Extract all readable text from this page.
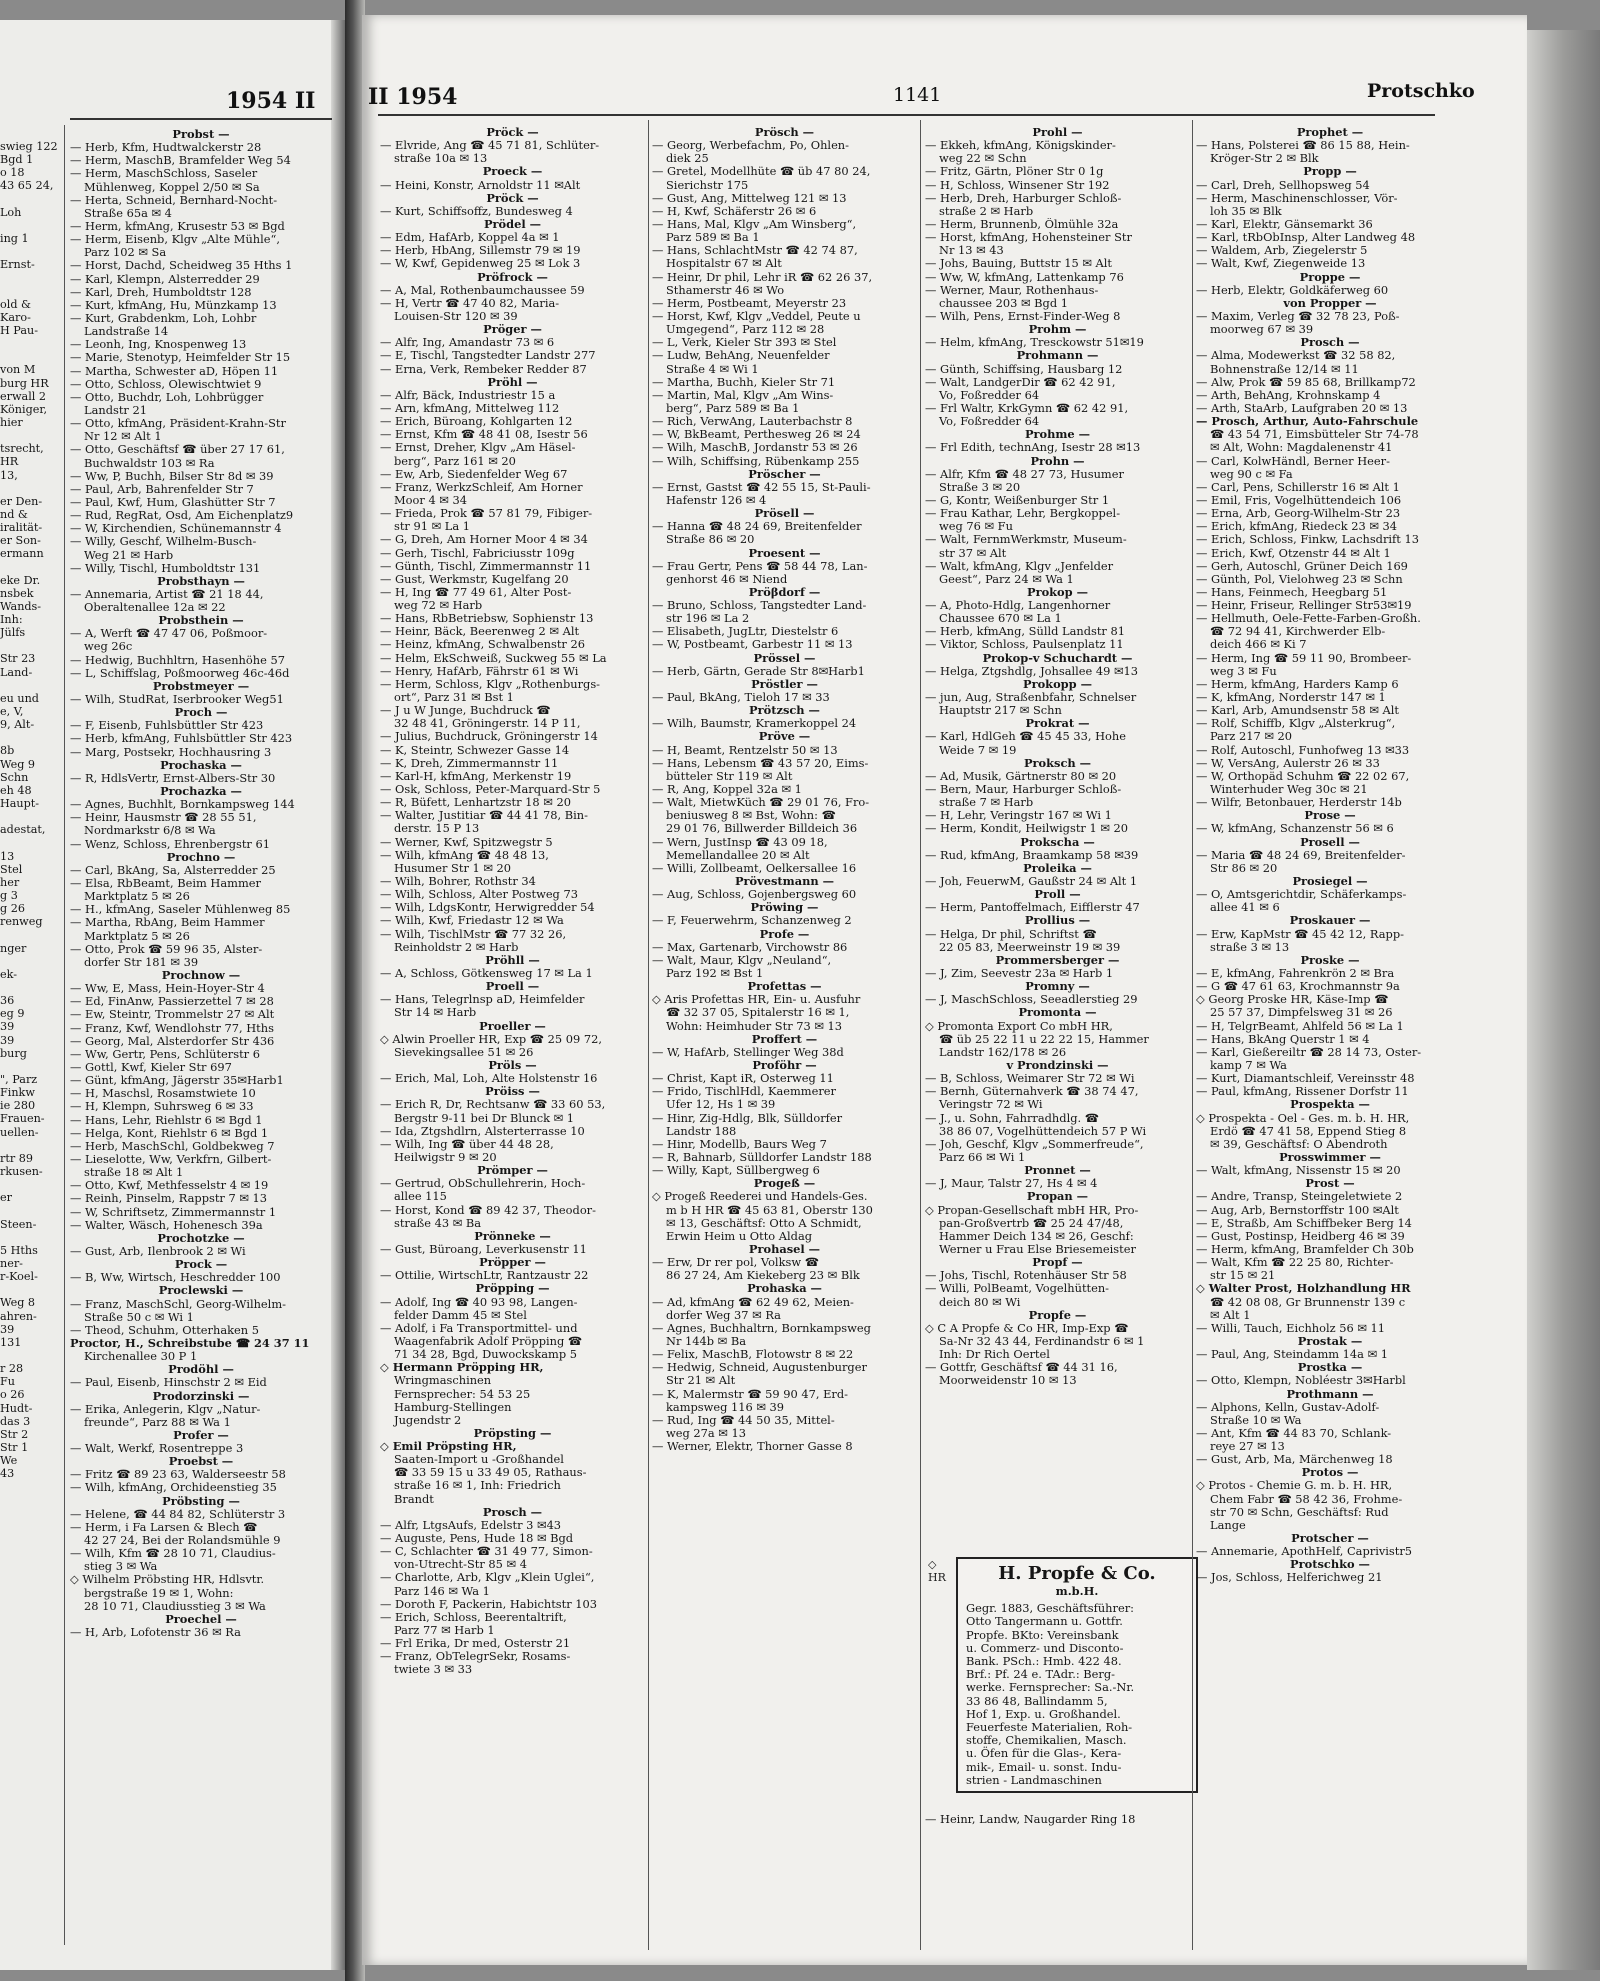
1954 II
swieg 122
Bgd 1
o 18
43 65 24,
Loh
ing 1
Ernst-
old &
Karo-
H Pau-
von M
burg HR
erwall 2
Königer,
hier
tsrecht,
HR
13,
er Den-
nd &
iralität-
er Son-
ermann
eke Dr.
nsbek
Wands-
Inh:
Jülfs
Str 23
Land-
eu und
e, V,
9, Alt-
8b
Weg 9
Schn
eh 48
Haupt-
adestat,
13
Stel
her
g 3
g 26
renweg
nger
ek-
36
eg 9
39
39
burg
", Parz
Finkw
ie 280
Frauen-
uellen-
rtr 89
rkusen-
er
Steen-
5 Hths
ner-
r-Koel-
Weg 8
ahren-
39
131
r 28
Fu
o 26
Hudt-
das 3
Str 2
Str 1
We
43
Probst —
— Herb, Kfm, Hudtwalckerstr 28
— Herm, MaschB, Bramfelder Weg 54
— Herm, MaschSchloss, Saseler
Mühlenweg, Koppel 2/50 ✉ Sa
— Herta, Schneid, Bernhard-Nocht-
Straße 65a ✉ 4
— Herm, kfmAng, Krusestr 53 ✉ Bgd
— Herm, Eisenb, Klgv „Alte Mühle“,
Parz 102 ✉ Sa
— Horst, Dachd, Scheidweg 35 Hths 1
— Karl, Klempn, Alsterredder 29
— Karl, Dreh, Humboldtstr 128
— Kurt, kfmAng, Hu, Münzkamp 13
— Kurt, Grabdenkm, Loh, Lohbr
Landstraße 14
— Leonh, Ing, Knospenweg 13
— Marie, Stenotyp, Heimfelder Str 15
— Martha, Schwester aD, Höpen 11
— Otto, Schloss, Olewischtwiet 9
— Otto, Buchdr, Loh, Lohbrügger
Landstr 21
— Otto, kfmAng, Präsident-Krahn-Str
Nr 12 ✉ Alt 1
— Otto, Geschäftsf ☎ über 27 17 61,
Buchwaldstr 103 ✉ Ra
— Ww, P, Buchh, Bilser Str 8d ✉ 39
— Paul, Arb, Bahrenfelder Str 7
— Paul, Kwf, Hum, Glashütter Str 7
— Rud, RegRat, Osd, Am Eichenplatz9
— W, Kirchendien, Schünemannstr 4
— Willy, Geschf, Wilhelm-Busch-
Weg 21 ✉ Harb
— Willy, Tischl, Humboldtstr 131
Probsthayn —
— Annemaria, Artist ☎ 21 18 44,
Oberaltenallee 12a ✉ 22
Probsthein —
— A, Werft ☎ 47 47 06, Poßmoor-
weg 26c
— Hedwig, Buchhltrn, Hasenhöhe 57
— L, Schiffslag, Poßmoorweg 46c-46d
Probstmeyer —
— Wilh, StudRat, Iserbrooker Weg51
Proch —
— F, Eisenb, Fuhlsbüttler Str 423
— Herb, kfmAng, Fuhlsbüttler Str 423
— Marg, Postsekr, Hochhausring 3
Prochaska —
— R, HdlsVertr, Ernst-Albers-Str 30
Prochazka —
— Agnes, Buchhlt, Bornkampsweg 144
— Heinr, Hausmstr ☎ 28 55 51,
Nordmarkstr 6/8 ✉ Wa
— Wenz, Schloss, Ehrenbergstr 61
Prochno —
— Carl, BkAng, Sa, Alsterredder 25
— Elsa, RbBeamt, Beim Hammer
Marktplatz 5 ✉ 26
— H., kfmAng, Saseler Mühlenweg 85
— Martha, RbAng, Beim Hammer
Marktplatz 5 ✉ 26
— Otto, Prok ☎ 59 96 35, Alster-
dorfer Str 181 ✉ 39
Prochnow —
— Ww, E, Mass, Hein-Hoyer-Str 4
— Ed, FinAnw, Passierzettel 7 ✉ 28
— Ew, Steintr, Trommelstr 27 ✉ Alt
— Franz, Kwf, Wendlohstr 77, Hths
— Georg, Mal, Alsterdorfer Str 436
— Ww, Gertr, Pens, Schlüterstr 6
— Gottl, Kwf, Kieler Str 697
— Günt, kfmAng, Jägerstr 35✉Harb1
— H, Maschsl, Rosamstwiete 10
— H, Klempn, Suhrsweg 6 ✉ 33
— Hans, Lehr, Riehlstr 6 ✉ Bgd 1
— Helga, Kont, Riehlstr 6 ✉ Bgd 1
— Herb, MaschSchl, Goldbekweg 7
— Lieselotte, Ww, Verkfrn, Gilbert-
straße 18 ✉ Alt 1
— Otto, Kwf, Methfesselstr 4 ✉ 19
— Reinh, Pinselm, Rappstr 7 ✉ 13
— W, Schriftsetz, Zimmermannstr 1
— Walter, Wäsch, Hohenesch 39a
Prochotzke —
— Gust, Arb, Ilenbrook 2 ✉ Wi
Prock —
— B, Ww, Wirtsch, Heschredder 100
Proclewski —
— Franz, MaschSchl, Georg-Wilhelm-
Straße 50 c ✉ Wi 1
— Theod, Schuhm, Otterhaken 5
Proctor, H., Schreibstube ☎ 24 37 11
Kirchenallee 30 P 1
Prodöhl —
— Paul, Eisenb, Hinschstr 2 ✉ Eid
Prodorzinski —
— Erika, Anlegerin, Klgv „Natur-
freunde“, Parz 88 ✉ Wa 1
Profer —
— Walt, Werkf, Rosentreppe 3
Proebst —
— Fritz ☎ 89 23 63, Walderseestr 58
— Wilh, kfmAng, Orchideenstieg 35
Pröbsting —
— Helene, ☎ 44 84 82, Schlüterstr 3
— Herm, i Fa Larsen & Blech ☎
42 27 24, Bei der Rolandsmühle 9
— Wilh, Kfm ☎ 28 10 71, Claudius-
stieg 3 ✉ Wa
◇ Wilhelm Pröbsting HR, Hdlsvtr.
bergstraße 19 ✉ 1, Wohn:
28 10 71, Claudiusstieg 3 ✉ Wa
Proechel —
— H, Arb, Lofotenstr 36 ✉ Ra
II 1954	1141	Protschko
Pröck —
— Elvride, Ang ☎ 45 71 81, Schlüter-
straße 10a ✉ 13
Proeck —
— Heini, Konstr, Arnoldstr 11 ✉Alt
Pröck —
— Kurt, Schiffsoffz, Bundesweg 4
Prödel —
— Edm, HafArb, Koppel 4a ✉ 1
— Herb, HbAng, Sillemstr 79 ✉ 19
— W, Kwf, Gepidenweg 25 ✉ Lok 3
Pröfrock —
— A, Mal, Rothenbaumchaussee 59
— H, Vertr ☎ 47 40 82, Maria-
Louisen-Str 120 ✉ 39
Pröger —
— Alfr, Ing, Amandastr 73 ✉ 6
— E, Tischl, Tangstedter Landstr 277
— Erna, Verk, Rembeker Redder 87
Pröhl —
— Alfr, Bäck, Industriestr 15 a
— Arn, kfmAng, Mittelweg 112
— Erich, Büroang, Kohlgarten 12
— Ernst, Kfm ☎ 48 41 08, Isestr 56
— Ernst, Dreher, Klgv „Am Häsel-
berg“, Parz 161 ✉ 20
— Ew, Arb, Siedenfelder Weg 67
— Franz, WerkzSchleif, Am Horner
Moor 4 ✉ 34
— Frieda, Prok ☎ 57 81 79, Fibiger-
str 91 ✉ La 1
— G, Dreh, Am Horner Moor 4 ✉ 34
— Gerh, Tischl, Fabriciusstr 109g
— Günth, Tischl, Zimmermannstr 11
— Gust, Werkmstr, Kugelfang 20
— H, Ing ☎ 77 49 61, Alter Post-
weg 72 ✉ Harb
— Hans, RbBetriebsw, Sophienstr 13
— Heinr, Bäck, Beerenweg 2 ✉ Alt
— Heinz, kfmAng, Schwalbenstr 26
— Helm, EkSchweiß, Suckweg 55 ✉ La
— Henry, HafArb, Fährstr 61 ✉ Wi
— Herm, Schloss, Klgv „Rothenburgs-
ort“, Parz 31 ✉ Bst 1
— J u W Junge, Buchdruck ☎
32 48 41, Gröningerstr. 14 P 11,
— Julius, Buchdruck, Gröningerstr 14
— K, Steintr, Schwezer Gasse 14
— K, Dreh, Zimmermannstr 11
— Karl-H, kfmAng, Merkenstr 19
— Osk, Schloss, Peter-Marquard-Str 5
— R, Büfett, Lenhartzstr 18 ✉ 20
— Walter, Justitiar ☎ 44 41 78, Bin-
derstr. 15 P 13
— Werner, Kwf, Spitzwegstr 5
— Wilh, kfmAng ☎ 48 48 13,
Husumer Str 1 ✉ 20
— Wilh, Bohrer, Rothstr 34
— Wilh, Schloss, Alter Postweg 73
— Wilh, LdgsKontr, Herwigredder 54
— Wilh, Kwf, Friedastr 12 ✉ Wa
— Wilh, TischlMstr ☎ 77 32 26,
Reinholdstr 2 ✉ Harb
Pröhll —
— A, Schloss, Götkensweg 17 ✉ La 1
Proell —
— Hans, Telegrlnsp aD, Heimfelder
Str 14 ✉ Harb
Proeller —
◇ Alwin Proeller HR, Exp ☎ 25 09 72,
Sievekingsallee 51 ✉ 26
Pröls —
— Erich, Mal, Loh, Alte Holstenstr 16
Pröiss —
— Erich R, Dr, Rechtsanw ☎ 33 60 53,
Bergstr 9-11 bei Dr Blunck ✉ 1
— Ida, Ztgshdlrn, Alsterterrasse 10
— Wilh, Ing ☎ über 44 48 28,
Heilwigstr 9 ✉ 20
Prömper —
— Gertrud, ObSchullehrerin, Hoch-
allee 115
— Horst, Kond ☎ 89 42 37, Theodor-
straße 43 ✉ Ba
Prönneke —
— Gust, Büroang, Leverkusenstr 11
Pröpper —
— Ottilie, WirtschLtr, Rantzaustr 22
Pröpping —
— Adolf, Ing ☎ 40 93 98, Langen-
felder Damm 45 ✉ Stel
— Adolf, i Fa Transportmittel- und
Waagenfabrik Adolf Pröpping ☎
71 34 28, Bgd, Duwockskamp 5
◇ Hermann Pröpping HR,
Wringmaschinen
Fernsprecher: 54 53 25
Hamburg-Stellingen
Jugendstr 2
Pröpsting —
◇ Emil Pröpsting HR,
Saaten-Import u -Großhandel
☎ 33 59 15 u 33 49 05, Rathaus-
straße 16 ✉ 1, Inh: Friedrich
Brandt
Prosch —
— Alfr, LtgsAufs, Edelstr 3 ✉43
— Auguste, Pens, Hude 18 ✉ Bgd
— C, Schlachter ☎ 31 49 77, Simon-
von-Utrecht-Str 85 ✉ 4
— Charlotte, Arb, Klgv „Klein Uglei“,
Parz 146 ✉ Wa 1
— Doroth F, Packerin, Habichtstr 103
— Erich, Schloss, Beerentaltrift,
Parz 77 ✉ Harb 1
— Frl Erika, Dr med, Osterstr 21
— Franz, ObTelegrSekr, Rosams-
twiete 3 ✉ 33
Prösch —
— Georg, Werbefachm, Po, Ohlen-
diek 25
— Gretel, Modellhüte ☎ üb 47 80 24,
Sierichstr 175
— Gust, Ang, Mittelweg 121 ✉ 13
— H, Kwf, Schäferstr 26 ✉ 6
— Hans, Mal, Klgv „Am Winsberg“,
Parz 589 ✉ Ba 1
— Hans, SchlachtMstr ☎ 42 74 87,
Hospitalstr 67 ✉ Alt
— Heinr, Dr phil, Lehr iR ☎ 62 26 37,
Sthamerstr 46 ✉ Wo
— Herm, Postbeamt, Meyerstr 23
— Horst, Kwf, Klgv „Veddel, Peute u
Umgegend“, Parz 112 ✉ 28
— L, Verk, Kieler Str 393 ✉ Stel
— Ludw, BehAng, Neuenfelder
Straße 4 ✉ Wi 1
— Martha, Buchh, Kieler Str 71
— Martin, Mal, Klgv „Am Wins-
berg“, Parz 589 ✉ Ba 1
— Rich, VerwAng, Lauterbachstr 8
— W, BkBeamt, Perthesweg 26 ✉ 24
— Wilh, MaschB, Jordanstr 53 ✉ 26
— Wilh, Schiffsing, Rübenkamp 255
Pröscher —
— Ernst, Gastst ☎ 42 55 15, St-Pauli-
Hafenstr 126 ✉ 4
Prösell —
— Hanna ☎ 48 24 69, Breitenfelder
Straße 86 ✉ 20
Proesent —
— Frau Gertr, Pens ☎ 58 44 78, Lan-
genhorst 46 ✉ Niend
Pröβdorf —
— Bruno, Schloss, Tangstedter Land-
str 196 ✉ La 2
— Elisabeth, JugLtr, Diestelstr 6
— W, Postbeamt, Garbestr 11 ✉ 13
Prössel —
— Herb, Gärtn, Gerade Str 8✉Harb1
Pröstler —
— Paul, BkAng, Tieloh 17 ✉ 33
Prötzsch —
— Wilh, Baumstr, Kramerkoppel 24
Pröve —
— H, Beamt, Rentzelstr 50 ✉ 13
— Hans, Lebensm ☎ 43 57 20, Eims-
bütteler Str 119 ✉ Alt
— R, Ang, Koppel 32a ✉ 1
— Walt, MietwKüch ☎ 29 01 76, Fro-
beniusweg 8 ✉ Bst, Wohn: ☎
29 01 76, Billwerder Billdeich 36
— Wern, JustInsp ☎ 43 09 18,
Memellandallee 20 ✉ Alt
— Willi, Zollbeamt, Oelkersallee 16
Prövestmann —
— Aug, Schloss, Gojenbergsweg 60
Pröwing —
— F, Feuerwehrm, Schanzenweg 2
Profe —
— Max, Gartenarb, Virchowstr 86
— Walt, Maur, Klgv „Neuland“,
Parz 192 ✉ Bst 1
Profettas —
◇ Aris Profettas HR, Ein- u. Ausfuhr
☎ 32 37 05, Spitalerstr 16 ✉ 1,
Wohn: Heimhuder Str 73 ✉ 13
Proffert —
— W, HafArb, Stellinger Weg 38d
Proföhr —
— Christ, Kapt iR, Osterweg 11
— Frido, TischlHdl, Kaemmerer
Ufer 12, Hs 1 ✉ 39
— Hinr, Zig-Hdlg, Blk, Sülldorfer
Landstr 188
— Hinr, Modellb, Baurs Weg 7
— R, Bahnarb, Sülldorfer Landstr 188
— Willy, Kapt, Süllbergweg 6
Progeß —
◇ Progeß Reederei und Handels-Ges.
m b H HR ☎ 45 63 81, Oberstr 130
✉ 13, Geschäftsf: Otto A Schmidt,
Erwin Heim u Otto Aldag
Prohasel —
— Erw, Dr rer pol, Volksw ☎
86 27 24, Am Kiekeberg 23 ✉ Blk
Prohaska —
— Ad, kfmAng ☎ 62 49 62, Meien-
dorfer Weg 37 ✉ Ra
— Agnes, Buchhaltrn, Bornkampsweg
Nr 144b ✉ Ba
— Felix, MaschB, Flotowstr 8 ✉ 22
— Hedwig, Schneid, Augustenburger
Str 21 ✉ Alt
— K, Malermstr ☎ 59 90 47, Erd-
kampsweg 116 ✉ 39
— Rud, Ing ☎ 44 50 35, Mittel-
weg 27a ✉ 13
— Werner, Elektr, Thorner Gasse 8
Prohl —
— Ekkeh, kfmAng, Königskinder-
weg 22 ✉ Schn
— Fritz, Gärtn, Plöner Str 0 1g
— H, Schloss, Winsener Str 192
— Herb, Dreh, Harburger Schloß-
straße 2 ✉ Harb
— Herm, Brunnenb, Ölmühle 32a
— Horst, kfmAng, Hohensteiner Str
Nr 13 ✉ 43
— Johs, Bauing, Buttstr 15 ✉ Alt
— Ww, W, kfmAng, Lattenkamp 76
— Werner, Maur, Rothenhaus-
chaussee 203 ✉ Bgd 1
— Wilh, Pens, Ernst-Finder-Weg 8
Prohm —
— Helm, kfmAng, Tresckowstr 51✉19
Prohmann —
— Günth, Schiffsing, Hausbarg 12
— Walt, LandgerDir ☎ 62 42 91,
Vo, Foßredder 64
— Frl Waltr, KrkGymn ☎ 62 42 91,
Vo, Foßredder 64
Prohme —
— Frl Edith, technAng, Isestr 28 ✉13
Prohn —
— Alfr, Kfm ☎ 48 27 73, Husumer
Straße 3 ✉ 20
— G, Kontr, Weißenburger Str 1
— Frau Kathar, Lehr, Bergkoppel-
weg 76 ✉ Fu
— Walt, FernmWerkmstr, Museum-
str 37 ✉ Alt
— Walt, kfmAng, Klgv „Jenfelder
Geest“, Parz 24 ✉ Wa 1
Prokop —
— A, Photo-Hdlg, Langenhorner
Chaussee 670 ✉ La 1
— Herb, kfmAng, Sülld Landstr 81
— Viktor, Schloss, Paulsenplatz 11
Prokop-v Schuchardt —
— Helga, Ztgshdlg, Johsallee 49 ✉13
Prokopp —
— jun, Aug, Straßenbfahr, Schnelser
Hauptstr 217 ✉ Schn
Prokrat —
— Karl, HdlGeh ☎ 45 45 33, Hohe
Weide 7 ✉ 19
Proksch —
— Ad, Musik, Gärtnerstr 80 ✉ 20
— Bern, Maur, Harburger Schloß-
straße 7 ✉ Harb
— H, Lehr, Veringstr 167 ✉ Wi 1
— Herm, Kondit, Heilwigstr 1 ✉ 20
Prokscha —
— Rud, kfmAng, Braamkamp 58 ✉39
Proleika —
— Joh, FeuerwM, Gaußstr 24 ✉ Alt 1
Proll —
— Herm, Pantoffelmach, Eifflerstr 47
Prollius —
— Helga, Dr phil, Schriftst ☎
22 05 83, Meerweinstr 19 ✉ 39
Prommersberger —
— J, Zim, Seevestr 23a ✉ Harb 1
Promny —
— J, MaschSchloss, Seeadlerstieg 29
Promonta —
◇ Promonta Export Co mbH HR,
☎ üb 25 22 11 u 22 22 15, Hammer
Landstr 162/178 ✉ 26
v Prondzinski —
— B, Schloss, Weimarer Str 72 ✉ Wi
— Bernh, Güternahverk ☎ 38 74 47,
Veringstr 72 ✉ Wi
— J., u. Sohn, Fahrradhdlg. ☎
38 86 07, Vogelhüttendeich 57 P Wi
— Joh, Geschf, Klgv „Sommerfreude“,
Parz 66 ✉ Wi 1
Pronnet —
— J, Maur, Talstr 27, Hs 4 ✉ 4
Propan —
◇ Propan-Gesellschaft mbH HR, Pro-
pan-Großvertrb ☎ 25 24 47/48,
Hammer Deich 134 ✉ 26, Geschf:
Werner u Frau Else Briesemeister
Propf —
— Johs, Tischl, Rotenhäuser Str 58
— Willi, PolBeamt, Vogelhütten-
deich 80 ✉ Wi
Propfe —
◇ C A Propfe & Co HR, Imp-Exp ☎
Sa-Nr 32 43 44, Ferdinandstr 6 ✉ 1
Inh: Dr Rich Oertel
— Gottfr, Geschäftsf ☎ 44 31 16,
Moorweidenstr 10 ✉ 13
◇ HR	H. Propfe & Co.
m.b.H.
Gegr. 1883, Geschäftsführer:
Otto Tangermann u. Gottfr.
Propfe. BKto: Vereinsbank
u. Commerz- und Disconto-
Bank. PSch.: Hmb. 422 48.
Brf.: Pf. 24 e. TAdr.: Berg-
werke. Fernsprecher: Sa.-Nr.
33 86 48, Ballindamm 5,
Hof 1, Exp. u. Großhandel.
Feuerfeste Materialien, Roh-
stoffe, Chemikalien, Masch.
u. Öfen für die Glas-, Kera-
mik-, Email- u. sonst. Indu-
strien - Landmaschinen
— Heinr, Landw, Naugarder Ring 18
Prophet —
— Hans, Polsterei ☎ 86 15 88, Hein-
Kröger-Str 2 ✉ Blk
Propp —
— Carl, Dreh, Sellhopsweg 54
— Herm, Maschinenschlosser, Vör-
loh 35 ✉ Blk
— Karl, Elektr, Gänsemarkt 36
— Karl, tRbObInsp, Alter Landweg 48
— Waldem, Arb, Ziegelerstr 5
— Walt, Kwf, Ziegenweide 13
Proppe —
— Herb, Elektr, Goldkäferweg 60
von Propper —
— Maxim, Verleg ☎ 32 78 23, Poß-
moorweg 67 ✉ 39
Prosch —
— Alma, Modewerkst ☎ 32 58 82,
Bohnenstraße 12/14 ✉ 11
— Alw, Prok ☎ 59 85 68, Brillkamp72
— Arth, BehAng, Krohnskamp 4
— Arth, StaArb, Laufgraben 20 ✉ 13
— Prosch, Arthur, Auto-Fahrschule
☎ 43 54 71, Eimsbütteler Str 74-78
✉ Alt, Wohn: Magdalenenstr 41
— Carl, KolwHändl, Berner Heer-
weg 90 c ✉ Fa
— Carl, Pens, Schillerstr 16 ✉ Alt 1
— Emil, Fris, Vogelhüttendeich 106
— Erna, Arb, Georg-Wilhelm-Str 23
— Erich, kfmAng, Riedeck 23 ✉ 34
— Erich, Schloss, Finkw, Lachsdrift 13
— Erich, Kwf, Otzenstr 44 ✉ Alt 1
— Gerh, Autoschl, Grüner Deich 169
— Günth, Pol, Vielohweg 23 ✉ Schn
— Hans, Feinmech, Heegbarg 51
— Heinr, Friseur, Rellinger Str53✉19
— Hellmuth, Oele-Fette-Farben-Großh.
☎ 72 94 41, Kirchwerder Elb-
deich 466 ✉ Ki 7
— Herm, Ing ☎ 59 11 90, Brombeer-
weg 3 ✉ Fu
— Herm, kfmAng, Harders Kamp 6
— K, kfmAng, Norderstr 147 ✉ 1
— Karl, Arb, Amundsenstr 58 ✉ Alt
— Rolf, Schiffb, Klgv „Alsterkrug“,
Parz 217 ✉ 20
— Rolf, Autoschl, Funhofweg 13 ✉33
— W, VersAng, Aulerstr 26 ✉ 33
— W, Orthopäd Schuhm ☎ 22 02 67,
Winterhuder Weg 30c ✉ 21
— Wilfr, Betonbauer, Herderstr 14b
Prose —
— W, kfmAng, Schanzenstr 56 ✉ 6
Prosell —
— Maria ☎ 48 24 69, Breitenfelder-
Str 86 ✉ 20
Prosiegel —
— O, Amtsgerichtdir, Schäferkamps-
allee 41 ✉ 6
Proskauer —
— Erw, KapMstr ☎ 45 42 12, Rapp-
straße 3 ✉ 13
Proske —
— E, kfmAng, Fahrenkrön 2 ✉ Bra
— G ☎ 47 61 63, Krochmannstr 9a
◇ Georg Proske HR, Käse-Imp ☎
25 57 37, Dimpfelsweg 31 ✉ 26
— H, TelgrBeamt, Ahlfeld 56 ✉ La 1
— Hans, BkAng Querstr 1 ✉ 4
— Karl, Gießereiltr ☎ 28 14 73, Oster-
kamp 7 ✉ Wa
— Kurt, Diamantschleif, Vereinsstr 48
— Paul, kfmAng, Rissener Dorfstr 11
Prospekta —
◇ Prospekta - Oel - Ges. m. b. H. HR,
Erdö ☎ 47 41 58, Eppend Stieg 8
✉ 39, Geschäftsf: O Abendroth
Prosswimmer —
— Walt, kfmAng, Nissenstr 15 ✉ 20
Prost —
— Andre, Transp, Steingeletwiete 2
— Aug, Arb, Bernstorffstr 100 ✉Alt
— E, Straßb, Am Schiffbeker Berg 14
— Gust, Postinsp, Heidberg 46 ✉ 39
— Herm, kfmAng, Bramfelder Ch 30b
— Walt, Kfm ☎ 22 25 80, Richter-
str 15 ✉ 21
◇ Walter Prost, Holzhandlung HR
☎ 42 08 08, Gr Brunnenstr 139 c
✉ Alt 1
— Willi, Tauch, Eichholz 56 ✉ 11
Prostak —
— Paul, Ang, Steindamm 14a ✉ 1
Prostka —
— Otto, Klempn, Nobléestr 3✉Harbl
Prothmann —
— Alphons, Kelln, Gustav-Adolf-
Straße 10 ✉ Wa
— Ant, Kfm ☎ 44 83 70, Schlank-
reye 27 ✉ 13
— Gust, Arb, Ma, Märchenweg 18
Protos —
◇ Protos - Chemie G. m. b. H. HR,
Chem Fabr ☎ 58 42 36, Frohme-
str 70 ✉ Schn, Geschäftsf: Rud
Lange
Protscher —
— Annemarie, ApothHelf, Caprivistr5
Protschko —
— Jos, Schloss, Helferichweg 21
